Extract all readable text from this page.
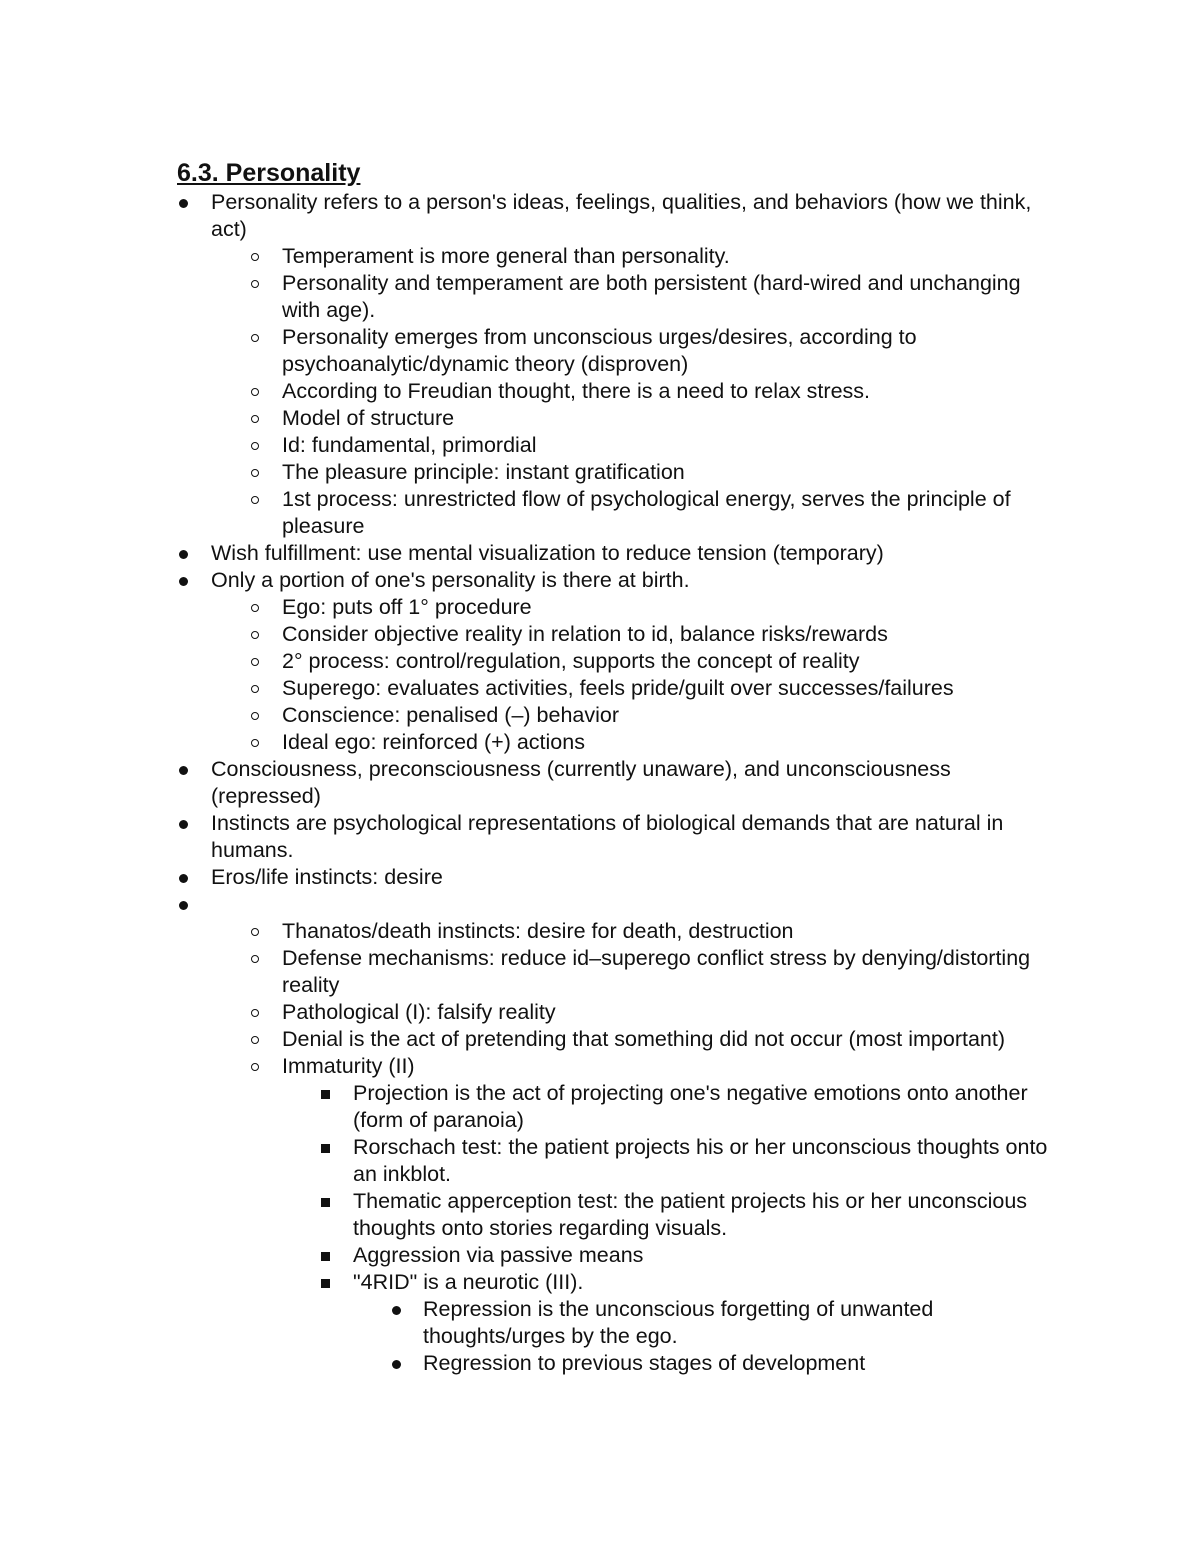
6.3. Personality
Personality refers to a person's ideas, feelings, qualities, and behaviors (how we think, act)
Temperament is more general than personality.
Personality and temperament are both persistent (hard-wired and unchanging with age).
Personality emerges from unconscious urges/desires, according to psychoanalytic/dynamic theory (disproven)
According to Freudian thought, there is a need to relax stress.
Model of structure
Id: fundamental, primordial
The pleasure principle: instant gratification
1st process: unrestricted flow of psychological energy, serves the principle of pleasure
Wish fulfillment: use mental visualization to reduce tension (temporary)
Only a portion of one's personality is there at birth.
Ego: puts off 1° procedure
Consider objective reality in relation to id, balance risks/rewards
2° process: control/regulation, supports the concept of reality
Superego: evaluates activities, feels pride/guilt over successes/failures
Conscience: penalised (–) behavior
Ideal ego: reinforced (+) actions
Consciousness, preconsciousness (currently unaware), and unconsciousness (repressed)
Instincts are psychological representations of biological demands that are natural in humans.
Eros/life instincts: desire
Thanatos/death instincts: desire for death, destruction
Defense mechanisms: reduce id–superego conflict stress by denying/distorting reality
Pathological (I): falsify reality
Denial is the act of pretending that something did not occur (most important)
Immaturity (II)
Projection is the act of projecting one's negative emotions onto another (form of paranoia)
Rorschach test: the patient projects his or her unconscious thoughts onto an inkblot.
Thematic apperception test: the patient projects his or her unconscious thoughts onto stories regarding visuals.
Aggression via passive means
"4RID" is a neurotic (III).
Repression is the unconscious forgetting of unwanted thoughts/urges by the ego.
Regression to previous stages of development
